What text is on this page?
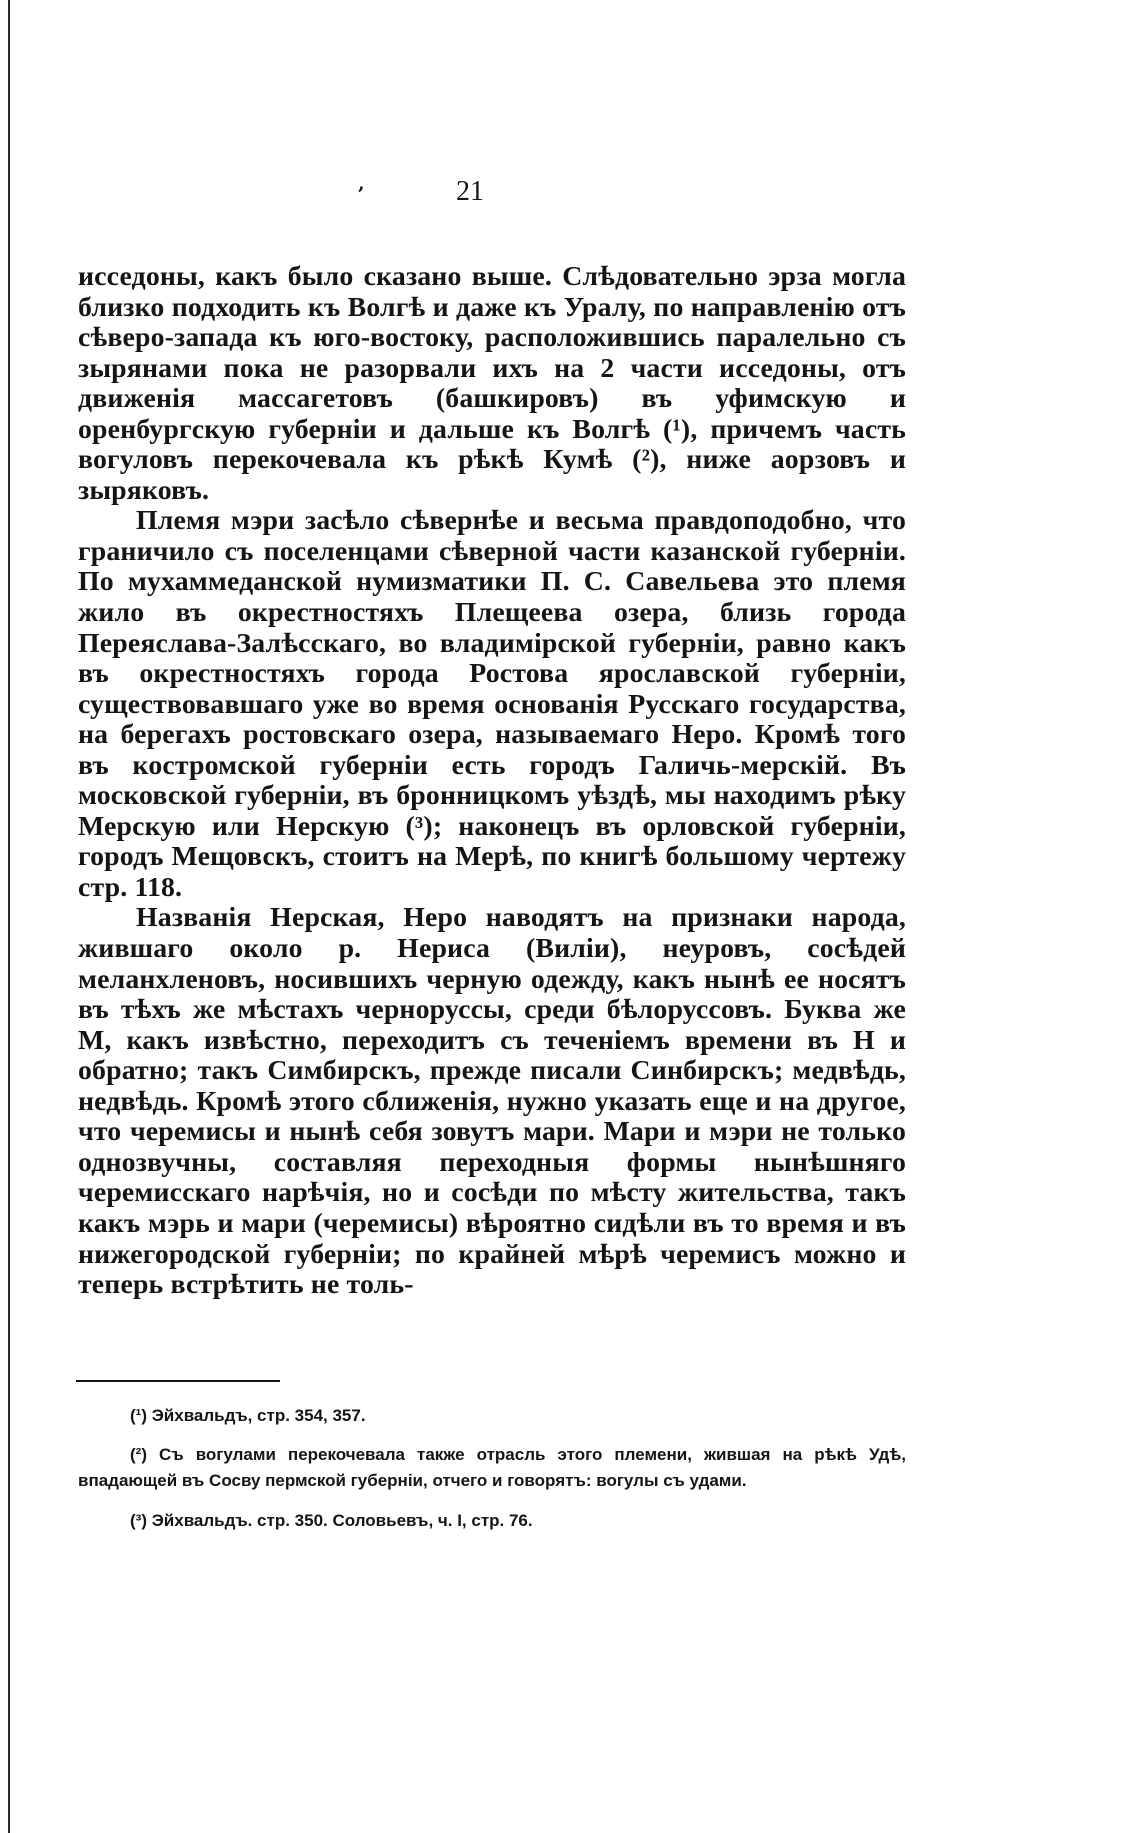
ʼ	21

исседоны, какъ было сказано выше. Слѣдовательно эрза могла близко подходить къ Волгѣ и даже къ Уралу, по направленію отъ сѣверо-запада къ юго-востоку, расположившись паралельно съ зырянами пока не разорвали ихъ на 2 части исседоны, отъ движенія массагетовъ (башкировъ) въ уфимскую и оренбургскую губерніи и дальше къ Волгѣ (¹), причемъ часть вогуловъ перекочевала къ рѣкѣ Кумѣ (²), ниже аорзовъ и зыряковъ.

Племя мэри засѣло сѣвернѣе и весьма правдоподобно, что граничило съ поселенцами сѣверной части казанской губерніи. По мухаммеданской нумизматики П. С. Савельева это племя жило въ окрестностяхъ Плещеева озера, близь города Переяслава-Залѣсскаго, во владимірской губерніи, равно какъ въ окрестностяхъ города Ростова ярославской губерніи, существовавшаго уже во время основанія Русскаго государства, на берегахъ ростовскаго озера, называемаго Неро. Кромѣ того въ костромской губерніи есть городъ Галичь-мерскій. Въ московской губерніи, въ бронницкомъ уѣздѣ, мы находимъ рѣку Мерскую или Нерскую (³); наконецъ въ орловской губерніи, городъ Мещовскъ, стоитъ на Мерѣ, по книгѣ большому чертежу стр. 118.

Названія Нерская, Неро наводятъ на признаки народа, жившаго около р. Нериса (Виліи), неуровъ, сосѣдей меланхленовъ, носившихъ черную одежду, какъ нынѣ ее носятъ въ тѣхъ же мѣстахъ чернорусcы, среди бѣлоруссовъ. Буква же М, какъ извѣстно, переходитъ съ теченіемъ времени въ Н и обратно; такъ Симбирскъ, прежде писали Синбирскъ; медвѣдь, недвѣдь. Кромѣ этого сближенія, нужно указать еще и на другое, что черемисы и нынѣ себя зовутъ мари. Мари и мэри не только однозвучны, составляя переходныя формы нынѣшняго черемисскаго нарѣчія, но и сосѣди по мѣсту жительства, такъ какъ мэрь и мари (черемисы) вѣроятно сидѣли въ то время и въ нижегородской губерніи; по крайней мѣрѣ черемисъ можно и теперь встрѣтить не толь-

(¹) Эйхвальдъ, стр. 354, 357.

(²) Съ вогулами перекочевала также отрасль этого племени, жившая на рѣкѣ Удѣ, впадающей въ Сосву пермской губерніи, отчего и говорятъ: вогулы съ удами.

(³) Эйхвальдъ. стр. 350. Соловьевъ, ч. I, стр. 76.
